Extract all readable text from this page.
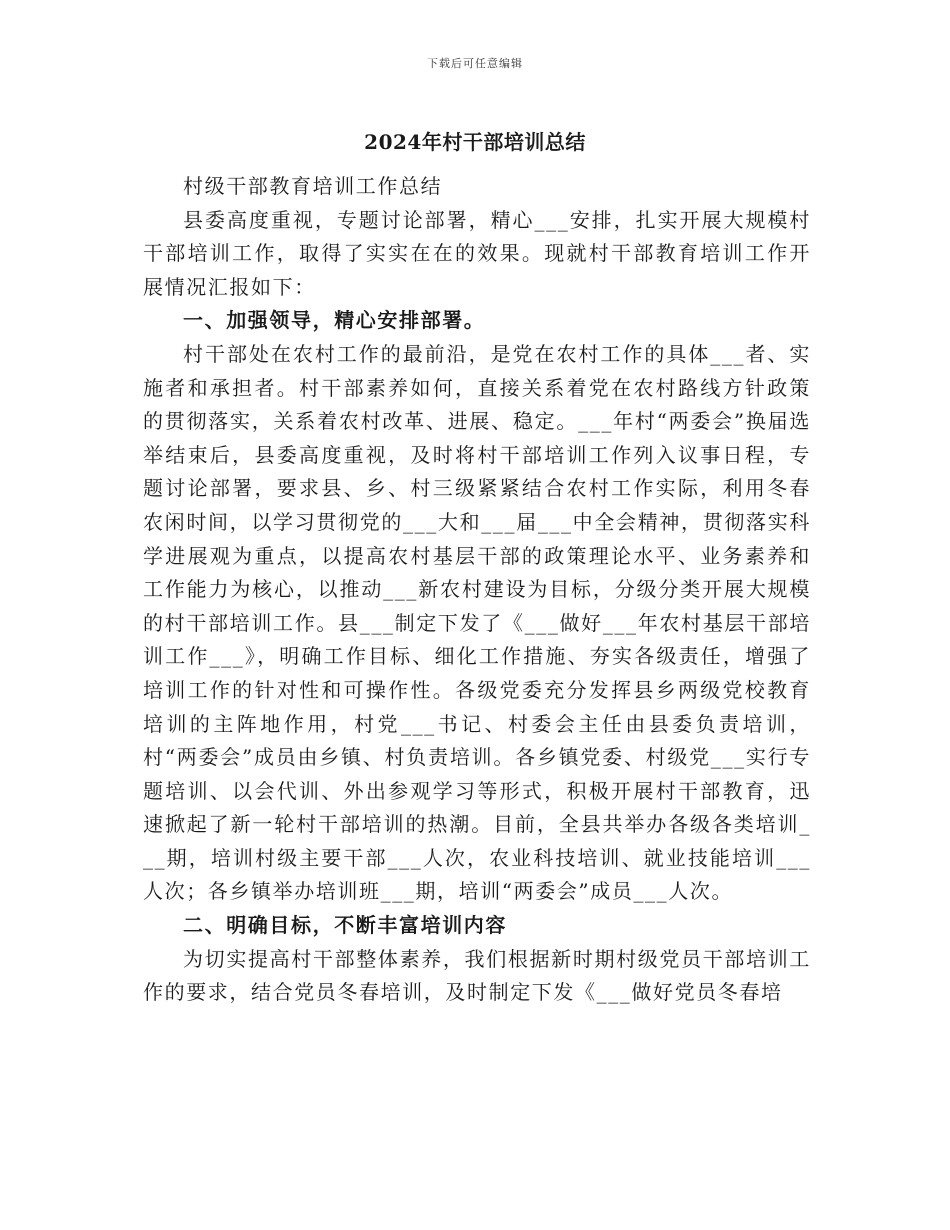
下载后可任意编辑
2024年村干部培训总结

村级干部教育培训工作总结

县委高度重视，专题讨论部署，精心___安排，扎实开展大规模村干部培训工作，取得了实实在在的效果。现就村干部教育培训工作开展情况汇报如下：

一、加强领导，精心安排部署。

村干部处在农村工作的最前沿，是党在农村工作的具体___者、实施者和承担者。村干部素养如何，直接关系着党在农村路线方针政策的贯彻落实，关系着农村改革、进展、稳定。___年村“两委会”换届选举结束后，县委高度重视，及时将村干部培训工作列入议事日程，专题讨论部署，要求县、乡、村三级紧紧结合农村工作实际，利用冬春农闲时间，以学习贯彻党的___大和___届___中全会精神，贯彻落实科学进展观为重点，以提高农村基层干部的政策理论水平、业务素养和工作能力为核心，以推动___新农村建设为目标，分级分类开展大规模的村干部培训工作。县___制定下发了《___做好___年农村基层干部培训工作___》，明确工作目标、细化工作措施、夯实各级责任，增强了培训工作的针对性和可操作性。各级党委充分发挥县乡两级党校教育培训的主阵地作用，村党___书记、村委会主任由县委负责培训，村“两委会”成员由乡镇、村负责培训。各乡镇党委、村级党___实行专题培训、以会代训、外出参观学习等形式，积极开展村干部教育，迅速掀起了新一轮村干部培训的热潮。目前，全县共举办各级各类培训___期，培训村级主要干部___人次，农业科技培训、就业技能培训___人次；各乡镇举办培训班___期，培训“两委会”成员___人次。

二、明确目标，不断丰富培训内容

为切实提高村干部整体素养，我们根据新时期村级党员干部培训工作的要求，结合党员冬春培训，及时制定下发《___做好党员冬春培
